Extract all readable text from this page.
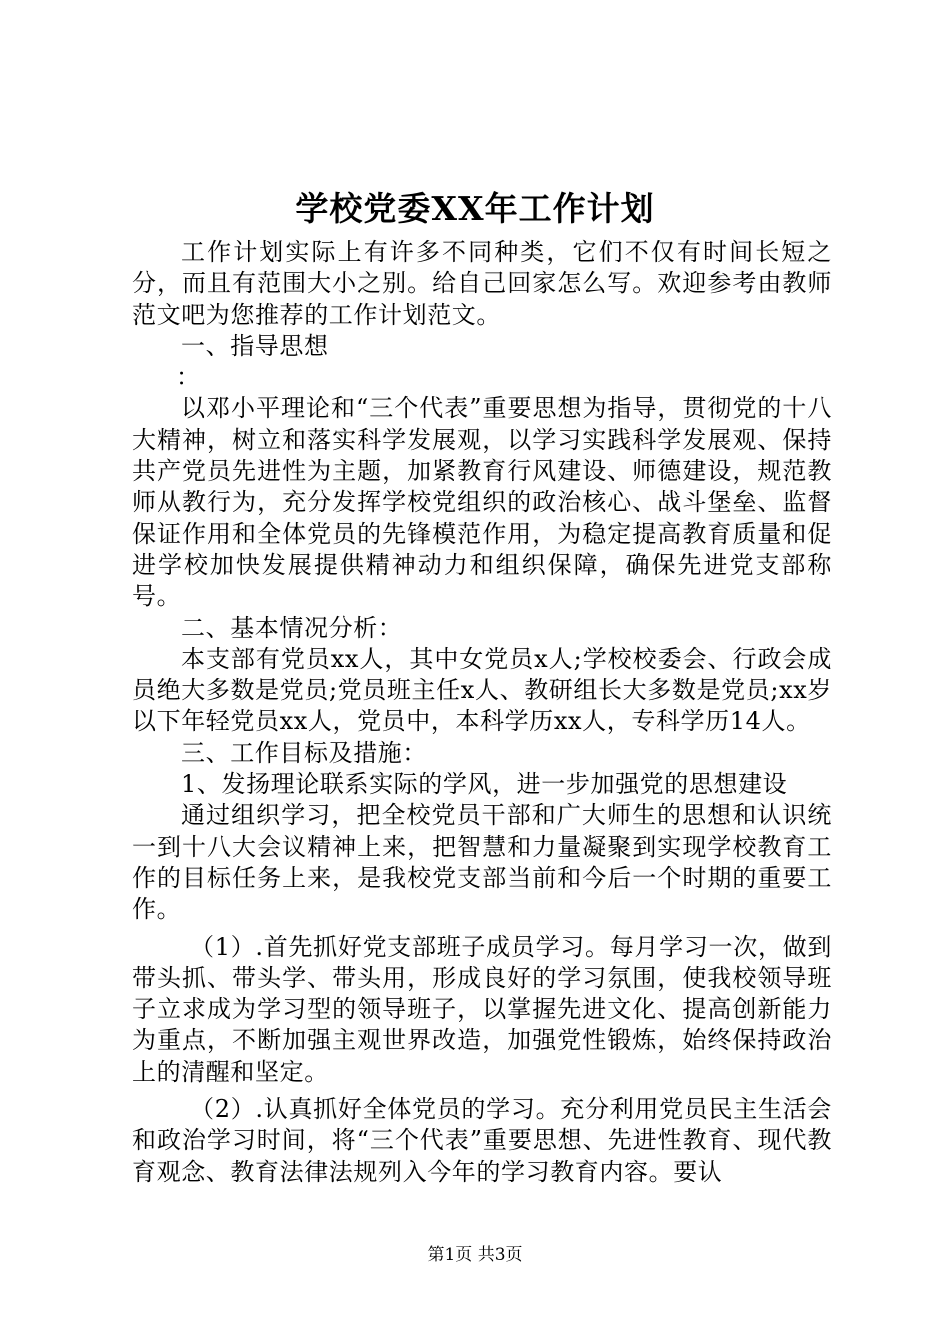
学校党委XX年工作计划

工作计划实际上有许多不同种类，它们不仅有时间长短之分，而且有范围大小之别。给自己回家怎么写。欢迎参考由教师范文吧为您推荐的工作计划范文。

一、指导思想

：

以邓小平理论和“三个代表”重要思想为指导，贯彻党的十八大精神，树立和落实科学发展观，以学习实践科学发展观、保持共产党员先进性为主题，加紧教育行风建设、师德建设，规范教师从教行为，充分发挥学校党组织的政治核心、战斗堡垒、监督保证作用和全体党员的先锋模范作用，为稳定提高教育质量和促进学校加快发展提供精神动力和组织保障，确保先进党支部称号。

二、基本情况分析：

本支部有党员xx人，其中女党员x人;学校校委会、行政会成员绝大多数是党员;党员班主任x人、教研组长大多数是党员;xx岁以下年轻党员xx人，党员中，本科学历xx人，专科学历14人。

三、工作目标及措施：

1、发扬理论联系实际的学风，进一步加强党的思想建设

通过组织学习，把全校党员干部和广大师生的思想和认识统一到十八大会议精神上来，把智慧和力量凝聚到实现学校教育工作的目标任务上来，是我校党支部当前和今后一个时期的重要工作。

（1）.首先抓好党支部班子成员学习。每月学习一次，做到带头抓、带头学、带头用，形成良好的学习氛围，使我校领导班子立求成为学习型的领导班子，以掌握先进文化、提高创新能力为重点，不断加强主观世界改造，加强党性锻炼，始终保持政治上的清醒和坚定。

（2）.认真抓好全体党员的学习。充分利用党员民主生活会和政治学习时间，将“三个代表”重要思想、先进性教育、现代教育观念、教育法律法规列入今年的学习教育内容。要认

第1页 共3页
